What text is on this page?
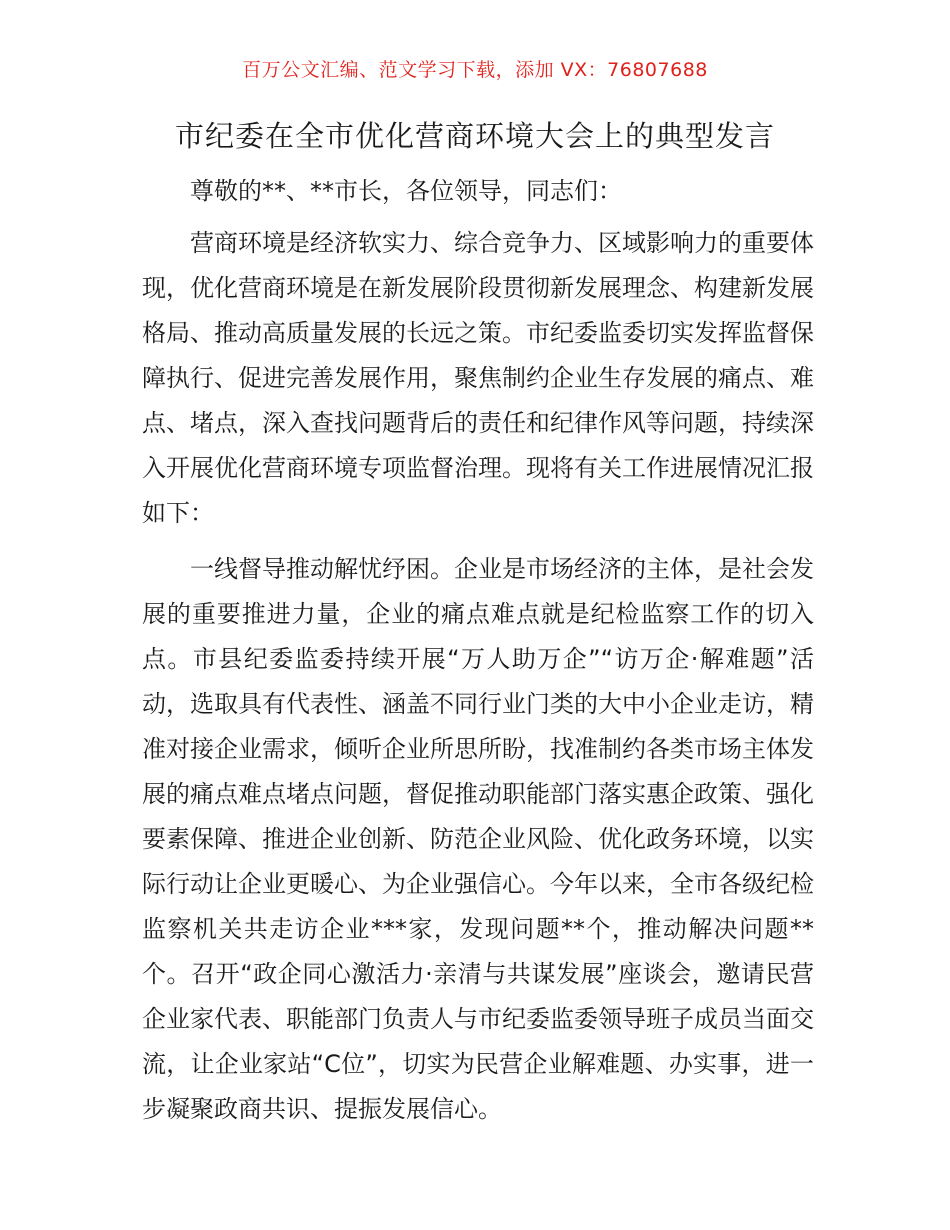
百万公文汇编、范文学习下载，添加 VX：76807688
市纪委在全市优化营商环境大会上的典型发言

尊敬的**、**市长，各位领导，同志们：

营商环境是经济软实力、综合竞争力、区域影响力的重要体现，优化营商环境是在新发展阶段贯彻新发展理念、构建新发展格局、推动高质量发展的长远之策。市纪委监委切实发挥监督保障执行、促进完善发展作用，聚焦制约企业生存发展的痛点、难点、堵点，深入查找问题背后的责任和纪律作风等问题，持续深入开展优化营商环境专项监督治理。现将有关工作进展情况汇报如下：

一线督导推动解忧纾困。企业是市场经济的主体，是社会发展的重要推进力量，企业的痛点难点就是纪检监察工作的切入点。市县纪委监委持续开展“万人助万企”“访万企·解难题”活动，选取具有代表性、涵盖不同行业门类的大中小企业走访，精准对接企业需求，倾听企业所思所盼，找准制约各类市场主体发展的痛点难点堵点问题，督促推动职能部门落实惠企政策、强化要素保障、推进企业创新、防范企业风险、优化政务环境，以实际行动让企业更暖心、为企业强信心。今年以来，全市各级纪检监察机关共走访企业***家，发现问题**个，推动解决问题**个。召开“政企同心激活力·亲清与共谋发展”座谈会，邀请民营企业家代表、职能部门负责人与市纪委监委领导班子成员当面交流，让企业家站“C位”，切实为民营企业解难题、办实事，进一步凝聚政商共识、提振发展信心。
